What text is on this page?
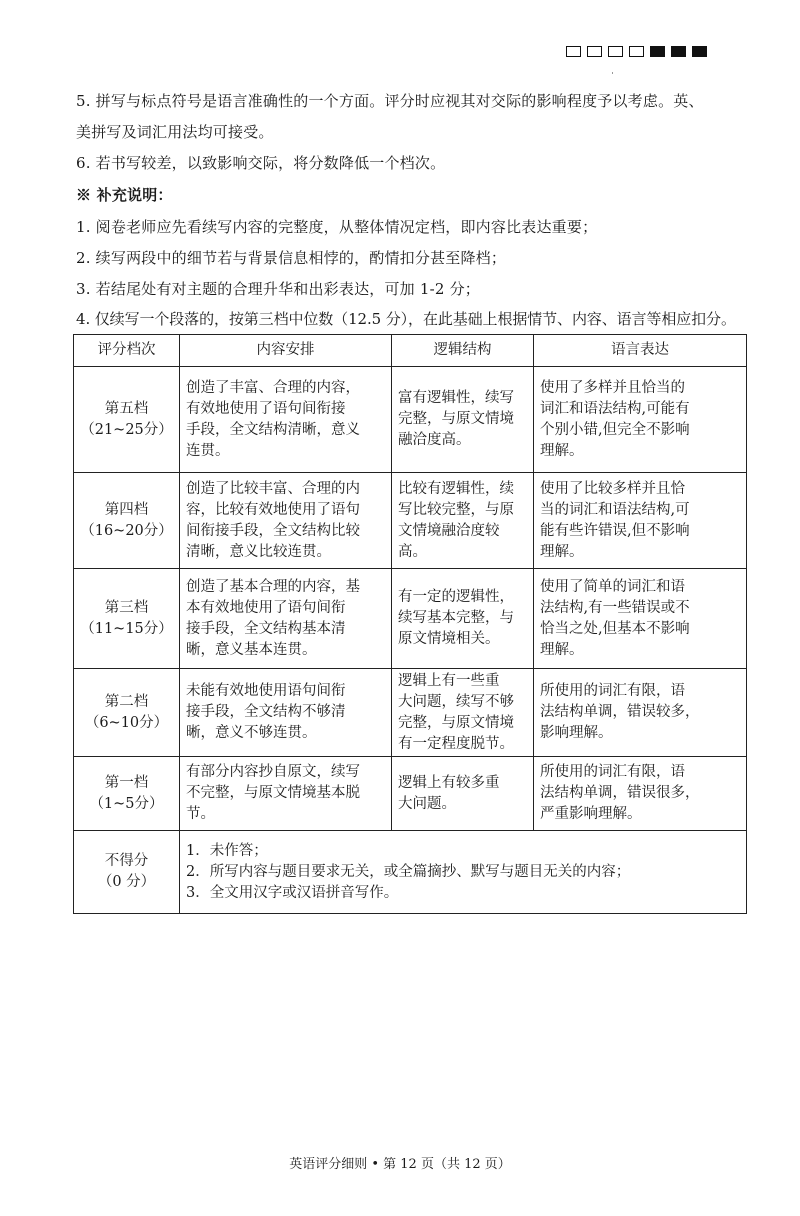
5. 拼写与标点符号是语言准确性的一个方面。评分时应视其对交际的影响程度予以考虑。英、
美拼写及词汇用法均可接受。
6. 若书写较差，以致影响交际，将分数降低一个档次。
※ 补充说明：
1. 阅卷老师应先看续写内容的完整度，从整体情况定档，即内容比表达重要；
2. 续写两段中的细节若与背景信息相悖的，酌情扣分甚至降档；
3. 若结尾处有对主题的合理升华和出彩表达，可加 1-2 分；
4. 仅续写一个段落的，按第三档中位数（12.5 分），在此基础上根据情节、内容、语言等相应扣分。
评分档次	内容安排	逻辑结构	语言表达

第五档
（21~25分）	创造了丰富、合理的内容，
有效地使用了语句间衔接
手段，全文结构清晰，意义
连贯。	富有逻辑性，续写
完整，与原文情境
融洽度高。	使用了多样并且恰当的
词汇和语法结构,可能有
个别小错,但完全不影响
理解。

第四档
（16~20分）	创造了比较丰富、合理的内
容，比较有效地使用了语句
间衔接手段，全文结构比较
清晰，意义比较连贯。	比较有逻辑性，续
写比较完整，与原
文情境融洽度较
高。	使用了比较多样并且恰
当的词汇和语法结构,可
能有些许错误,但不影响
理解。

第三档
（11~15分）	创造了基本合理的内容，基
本有效地使用了语句间衔
接手段，全文结构基本清
晰，意义基本连贯。	有一定的逻辑性，
续写基本完整，与
原文情境相关。	使用了简单的词汇和语
法结构,有一些错误或不
恰当之处,但基本不影响
理解。

第二档
（6~10分）	未能有效地使用语句间衔
接手段，全文结构不够清
晰，意义不够连贯。	逻辑上有一些重
大问题，续写不够
完整，与原文情境
有一定程度脱节。	所使用的词汇有限，语
法结构单调，错误较多，
影响理解。

第一档
（1~5分）	有部分内容抄自原文，续写
不完整，与原文情境基本脱
节。	逻辑上有较多重
大问题。	所使用的词汇有限，语
法结构单调，错误很多，
严重影响理解。

不得分
（0 分）	1．未作答；
2．所写内容与题目要求无关，或全篇摘抄、默写与题目无关的内容；
3．全文用汉字或汉语拼音写作。		
英语评分细则 • 第 12 页（共 12 页）
